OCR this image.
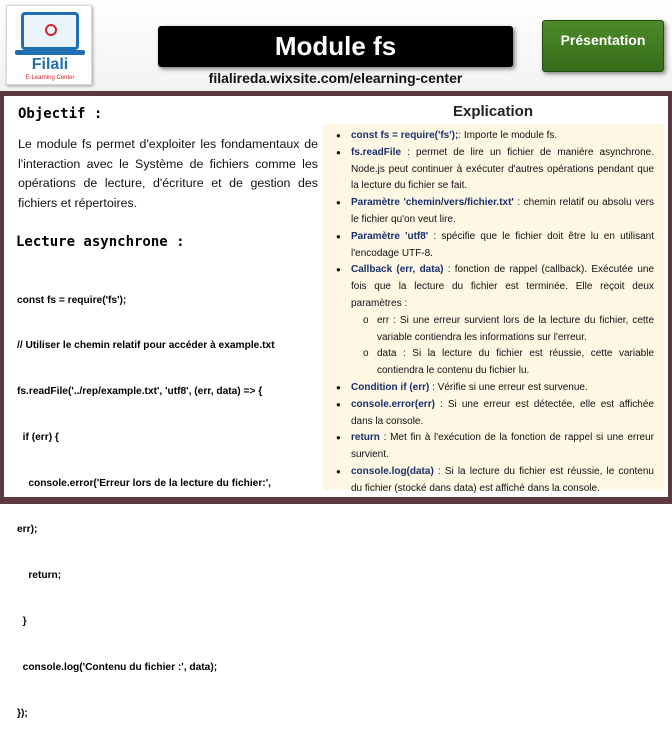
Filali
E-Learning Center
Module fs
filalireda.wixsite.com/elearning-center
Présentation
Objectif :
Le module fs permet d'exploiter les fondamentaux de l'interaction avec le Système de fichiers comme les opérations de lecture, d'écriture et de gestion des fichiers et répertoires.
Lecture asynchrone :

const fs = require('fs');

// Utiliser le chemin relatif pour accéder à example.txt

fs.readFile('../rep/example.txt', 'utf8', (err, data) => {

if (err) {

console.error('Erreur lors de la lecture du fichier:',

err);

return;

}

console.log('Contenu du fichier :', data);

});

Explication
● const fs = require('fs');: Importe le module fs.
● fs.readFile : permet de lire un fichier de manière asynchrone. Node.js peut continuer à exécuter d'autres opérations pendant que la lecture du fichier se fait.
● Paramètre 'chemin/vers/fichier.txt' : chemin relatif ou absolu vers le fichier qu'on veut lire.
● Paramètre 'utf8' : spécifie que le fichier doit être lu en utilisant l'encodage UTF-8.
● Callback (err, data) : fonction de rappel (callback). Exécutée une fois que la lecture du fichier est terminée. Elle reçoit deux paramètres :
o err : Si une erreur survient lors de la lecture du fichier, cette variable contiendra les informations sur l'erreur.
o data : Si la lecture du fichier est réussie, cette variable contiendra le contenu du fichier lu.
● Condition if (err) : Vérifie si une erreur est survenue.
● console.error(err) : Si une erreur est détectée, elle est affichée dans la console.
● return : Met fin à l'exécution de la fonction de rappel si une erreur survient.
● console.log(data) : Si la lecture du fichier est réussie, le contenu du fichier (stocké dans data) est affiché dans la console.
